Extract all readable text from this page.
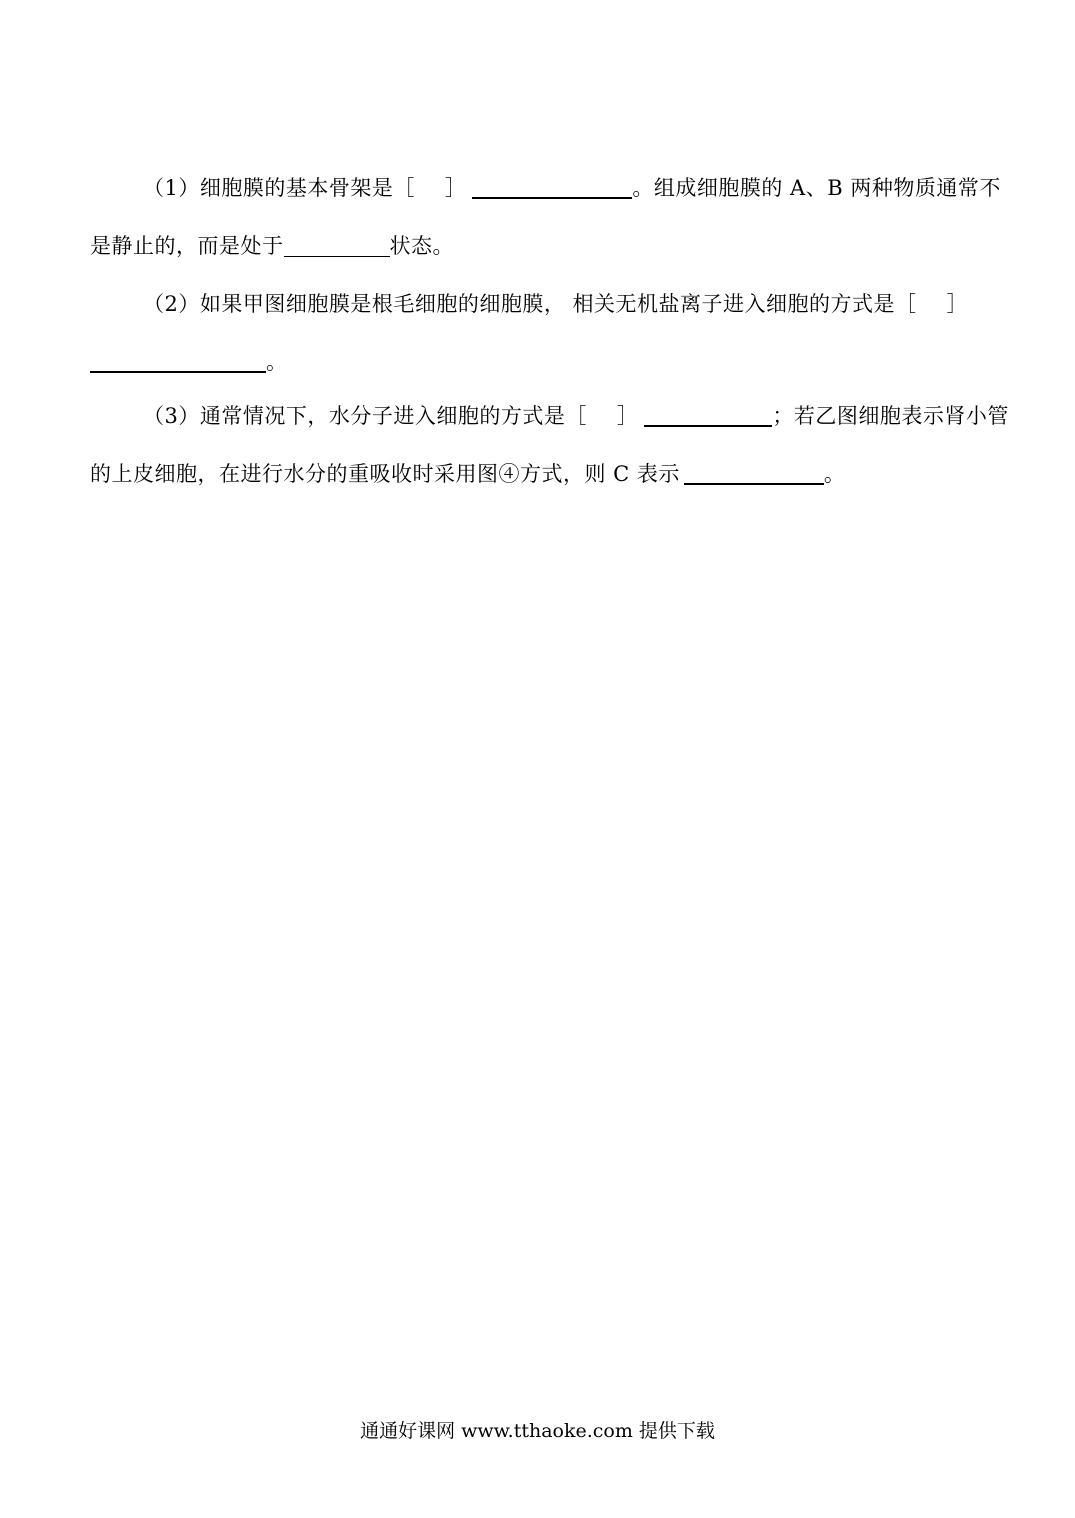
（1）细胞膜的基本骨架是［ ］	。组成细胞膜的 A、B 两种物质通常不
是静止的，而是处于	状态。
（2）如果甲图细胞膜是根毛细胞的细胞膜， 相关无机盐离子进入细胞的方式是［ ］
。
（3）通常情况下，水分子进入细胞的方式是［ ］	；若乙图细胞表示肾小管
的上皮细胞，在进行水分的重吸收时采用图④方式，则 C 表示	。
通通好课网 www.tthaoke.com 提供下载
